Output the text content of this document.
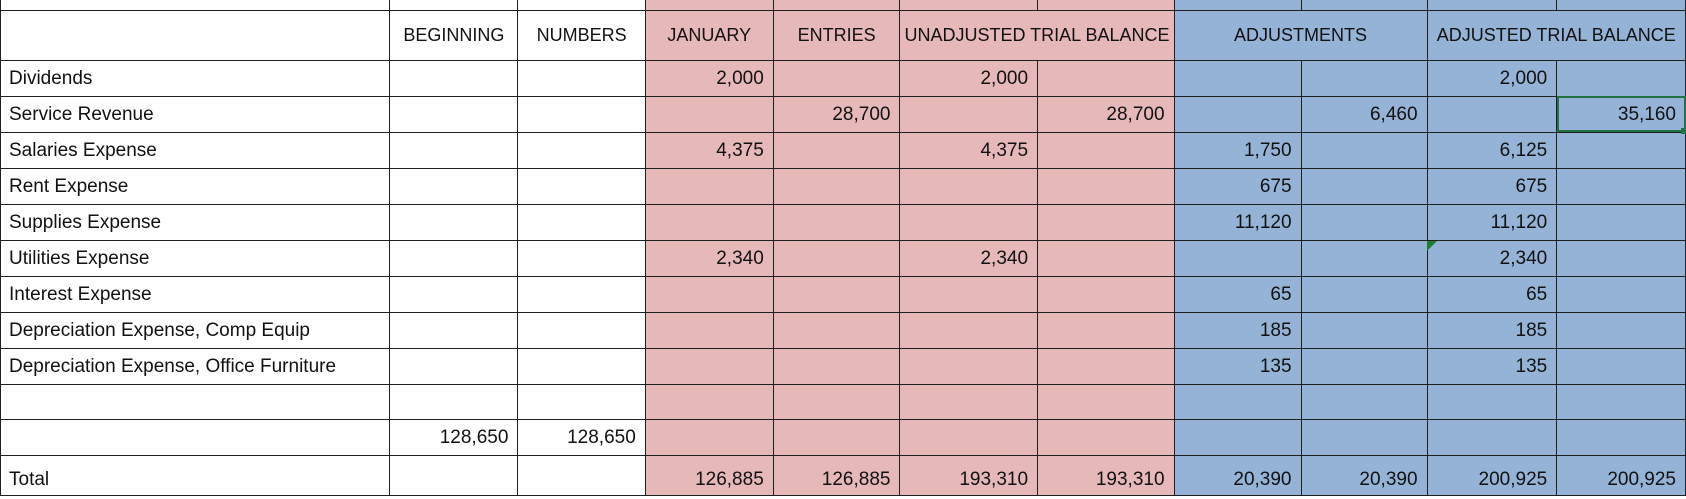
	BEGINNING	NUMBERS	JANUARY	ENTRIES	UNADJUSTED TRIAL BALANCE		ADJUSTMENTS		ADJUSTED TRIAL BALANCE	
Dividends			2,000		2,000				2,000	
Service Revenue				28,700		28,700		6,460		35,160
Salaries Expense			4,375		4,375		1,750		6,125	
Rent Expense							675		675	
Supplies Expense							11,120		11,120	
Utilities Expense			2,340		2,340				2,340	
Interest Expense							65		65	
Depreciation Expense, Comp Equip							185		185	
Depreciation Expense, Office Furniture							135		135	

	128,650	128,650								
Total			126,885	126,885	193,310	193,310	20,390	20,390	200,925	200,925
